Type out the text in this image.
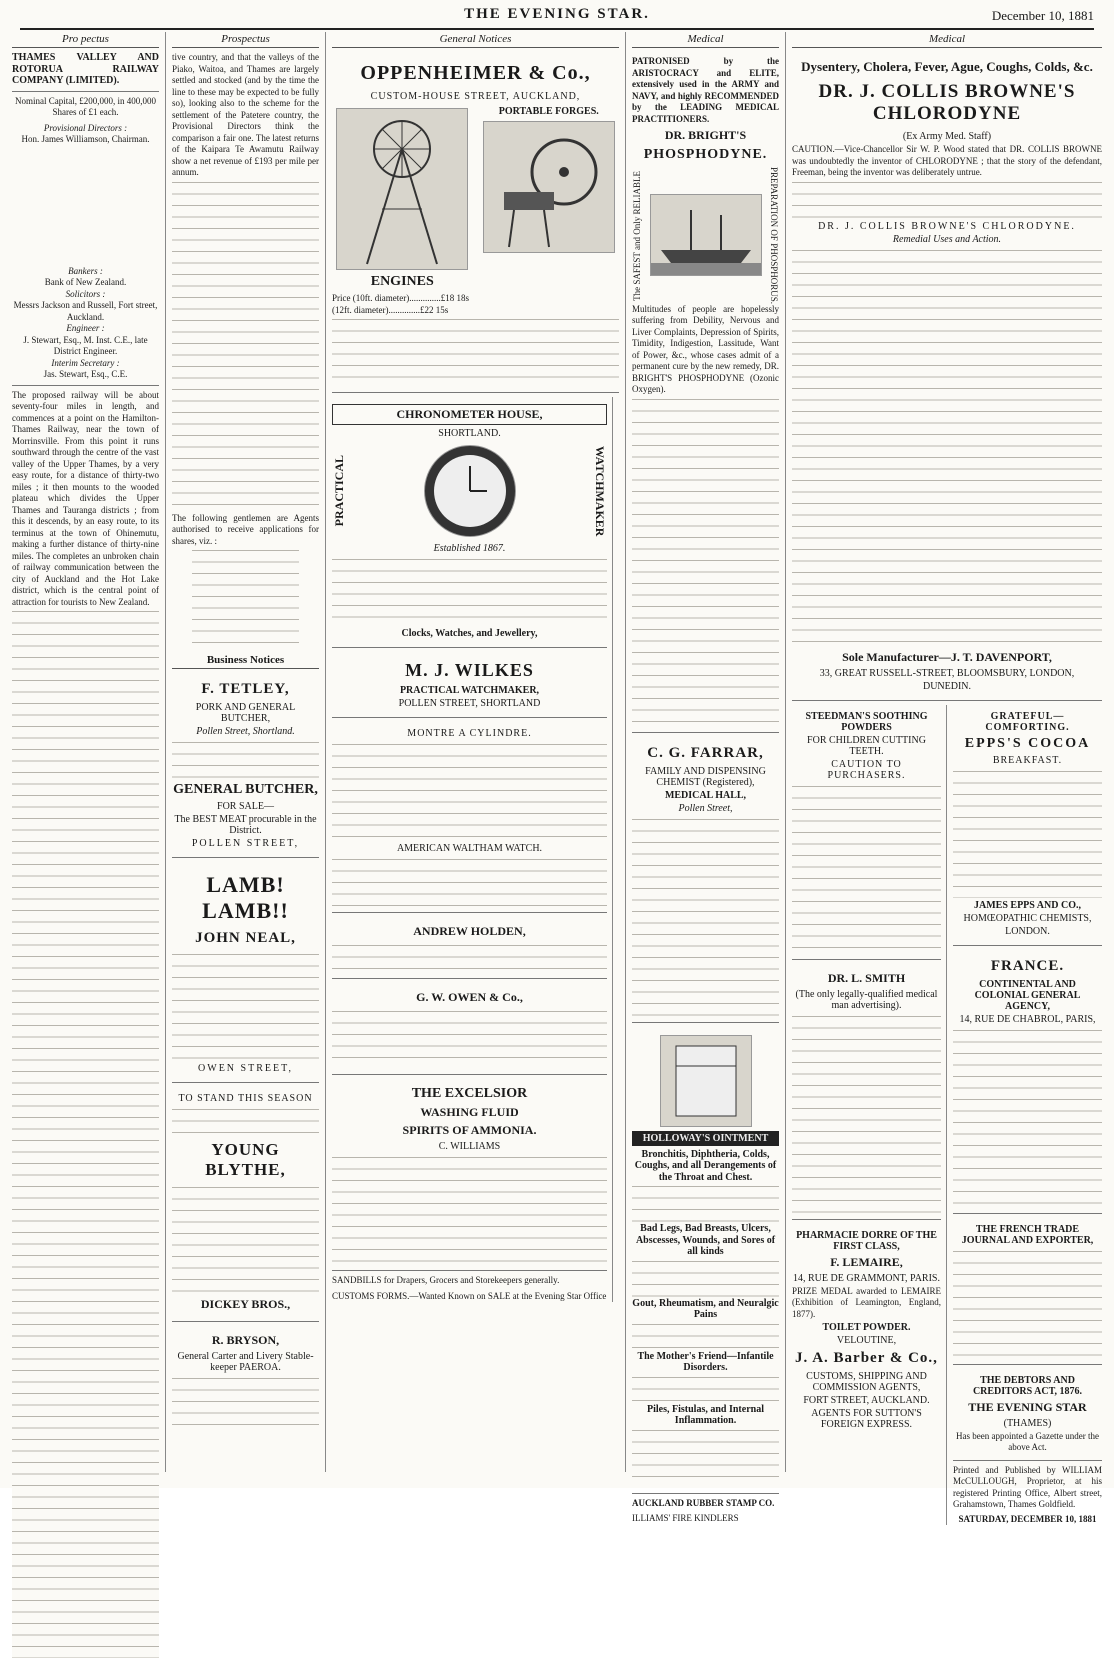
THE EVENING STAR.	December 10, 1881
Pro pectus

THAMES VALLEY AND ROTORUA RAILWAY COMPANY (LIMITED).

Nominal Capital, £200,000, in 400,000 Shares of £1 each.

Provisional Directors :

Hon. James Williamson, Chairman.

Bankers :

Bank of New Zealand.

Solicitors :

Messrs Jackson and Russell, Fort street, Auckland.

Engineer :

J. Stewart, Esq., M. Inst. C.E., late District Engineer.

Interim Secretary :

Jas. Stewart, Esq., C.E.

The proposed railway will be about seventy-four miles in length, and commences at a point on the Hamilton-Thames Railway, near the town of Morrinsville. From this point it runs southward through the centre of the vast valley of the Upper Thames, by a very easy route, for a distance of thirty-two miles ; it then mounts to the wooded plateau which divides the Upper Thames and Tauranga districts ; from this it descends, by an easy route, to its terminus at the town of Ohinemutu, making a further distance of thirty-nine miles. The completes an unbroken chain of railway communication between the city of Auckland and the Hot Lake district, which is the central point of attraction for tourists to New Zealand.

Prospectus

tive country, and that the valleys of the Piako, Waitoa, and Thames are largely settled and stocked (and by the time the line to these may be expected to be fully so), looking also to the scheme for the settlement of the Patetere country, the Provisional Directors think the comparison a fair one. The latest returns of the Kaipara Te Awamutu Railway show a net revenue of £193 per mile per annum.

The following gentlemen are Agents authorised to receive applications for shares, viz. :

Business Notices
F. TETLEY,
PORK AND GENERAL BUTCHER,
Pollen Street, Shortland.
GENERAL BUTCHER,
FOR SALE—
The BEST MEAT procurable in the District.
POLLEN STREET,
LAMB! LAMB!!
JOHN NEAL,
OWEN STREET,
TO STAND THIS SEASON
YOUNG BLYTHE,
DICKEY BROS.,
R. BRYSON,
General Carter and Livery Stable-keeper PAEROA.
General Notices
OPPENHEIMER & Co.,
CUSTOM-HOUSE STREET, AUCKLAND,
ENGINES
PORTABLE FORGES.

Price (10ft. diameter)..............£18 18s

(12ft. diameter)..............£22 15s

CHRONOMETER HOUSE,
SHORTLAND.
PRACTICAL	WATCHMAKER
Established 1867.
Clocks, Watches, and Jewellery,
M. J. WILKES
PRACTICAL WATCHMAKER,
POLLEN STREET, SHORTLAND
MONTRE A CYLINDRE.
AMERICAN WALTHAM WATCH.
ANDREW HOLDEN,
G. W. OWEN & Co.,
THE EXCELSIOR
WASHING FLUID
SPIRITS OF AMMONIA.
C. WILLIAMS

SANDBILLS for Drapers, Grocers and Storekeepers generally.

CUSTOMS FORMS.—Wanted Known on SALE at the Evening Star Office

Medical

PATRONISED by the ARISTOCRACY and ELITE, extensively used in the ARMY and NAVY, and highly RECOMMENDED by the LEADING MEDICAL PRACTITIONERS.

DR. BRIGHT'S
PHOSPHODYNE.
The SAFEST and Only RELIABLE	PREPARATION OF PHOSPHORUS.

Multitudes of people are hopelessly suffering from Debility, Nervous and Liver Complaints, Depression of Spirits, Timidity, Indigestion, Lassitude, Want of Power, &c., whose cases admit of a permanent cure by the new remedy, DR. BRIGHT'S PHOSPHODYNE (Ozonic Oxygen).

C. G. FARRAR,
FAMILY AND DISPENSING CHEMIST (Registered),
MEDICAL HALL,
Pollen Street,
HOLLOWAY'S OINTMENT

Bronchitis, Diphtheria, Colds, Coughs, and all Derangements of the Throat and Chest.

Bad Legs, Bad Breasts, Ulcers, Abscesses, Wounds, and Sores of all kinds

Gout, Rheumatism, and Neuralgic Pains

The Mother's Friend—Infantile Disorders.

Piles, Fistulas, and Internal Inflammation.

AUCKLAND RUBBER STAMP CO.

ILLIAMS' FIRE KINDLERS

Medical
Dysentery, Cholera, Fever, Ague, Coughs, Colds, &c.
DR. J. COLLIS BROWNE'S CHLORODYNE
(Ex Army Med. Staff)

CAUTION.—Vice-Chancellor Sir W. P. Wood stated that DR. COLLIS BROWNE was undoubtedly the inventor of CHLORODYNE ; that the story of the defendant, Freeman, being the inventor was deliberately untrue.

DR. J. COLLIS BROWNE'S CHLORODYNE.
Remedial Uses and Action.
Sole Manufacturer—J. T. DAVENPORT,
33, GREAT RUSSELL-STREET, BLOOMSBURY, LONDON,
DUNEDIN.
STEEDMAN'S SOOTHING POWDERS
FOR CHILDREN CUTTING TEETH.
CAUTION TO PURCHASERS.
DR. L. SMITH
(The only legally-qualified medical man advertising).
PHARMACIE DORRE OF THE FIRST CLASS,
F. LEMAIRE,
14, RUE DE GRAMMONT, PARIS.

PRIZE MEDAL awarded to LEMAIRE (Exhibition of Leamington, England, 1877).

TOILET POWDER.
VELOUTINE,
J. A. Barber & Co.,
CUSTOMS, SHIPPING AND COMMISSION AGENTS,
FORT STREET, AUCKLAND.
AGENTS FOR SUTTON'S FOREIGN EXPRESS.
GRATEFUL—COMFORTING.
EPPS'S COCOA
BREAKFAST.
JAMES EPPS AND CO.,
HOMŒOPATHIC CHEMISTS,
LONDON.
FRANCE.
CONTINENTAL AND COLONIAL GENERAL AGENCY,
14, RUE DE CHABROL, PARIS,
THE FRENCH TRADE JOURNAL AND EXPORTER,
THE DEBTORS AND CREDITORS ACT, 1876.
THE EVENING STAR
(THAMES)

Has been appointed a Gazette under the above Act.

Printed and Published by WILLIAM McCULLOUGH, Proprietor, at his registered Printing Office, Albert street, Grahamstown, Thames Goldfield.

SATURDAY, DECEMBER 10, 1881
